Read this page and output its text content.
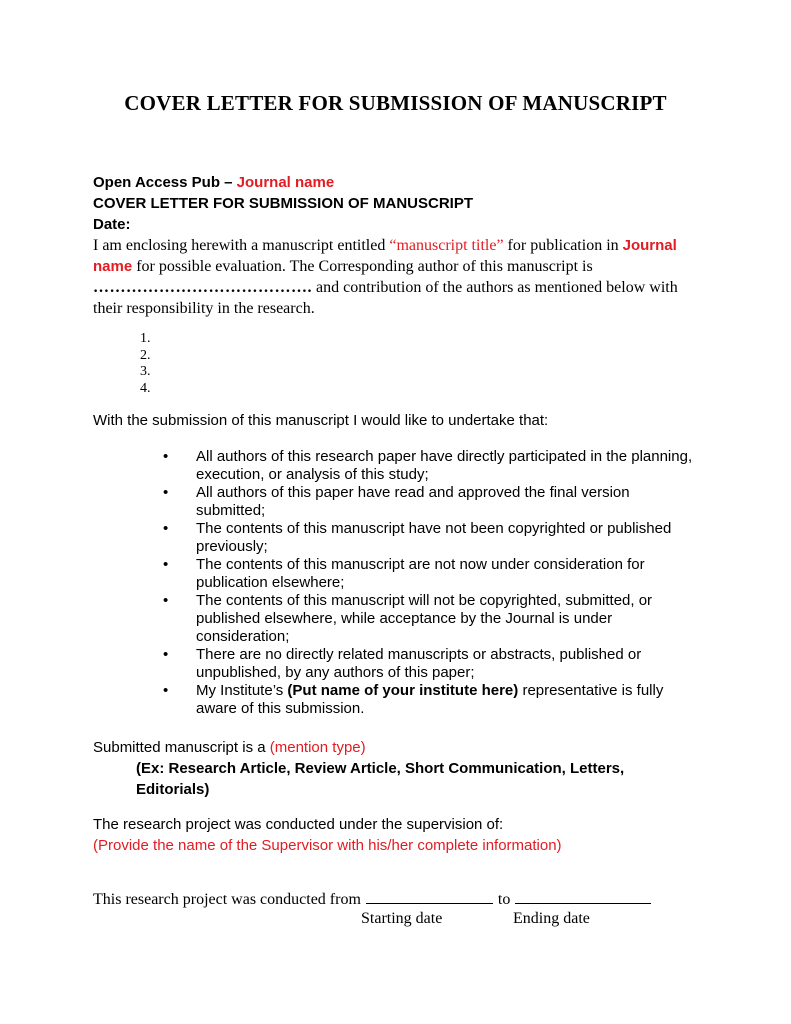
COVER LETTER FOR SUBMISSION OF MANUSCRIPT
Open Access Pub – Journal name
COVER LETTER FOR SUBMISSION OF MANUSCRIPT
Date:

I am enclosing herewith a manuscript entitled “manuscript title” for publication in Journal name for possible evaluation. The Corresponding author of this manuscript is
…………………………………. and contribution of the authors as mentioned below with their responsibility in the research.

1.
2.
3.
4.
With the submission of this manuscript I would like to undertake that:
•	All authors of this research paper have directly participated in the planning, execution, or analysis of this study;
•	All authors of this paper have read and approved the final version submitted;
•	The contents of this manuscript have not been copyrighted or published previously;
•	The contents of this manuscript are not now under consideration for publication elsewhere;
•	The contents of this manuscript will not be copyrighted, submitted, or published elsewhere, while acceptance by the Journal is under consideration;
•	There are no directly related manuscripts or abstracts, published or unpublished, by any authors of this paper;
•	My Institute’s (Put name of your institute here) representative is fully aware of this submission.
Submitted manuscript is a (mention type)
(Ex: Research Article, Review Article, Short Communication, Letters, Editorials)
The research project was conducted under the supervision of:
(Provide the name of the Supervisor with his/her complete information)
This research project was conducted from	to
Starting date	Ending date
